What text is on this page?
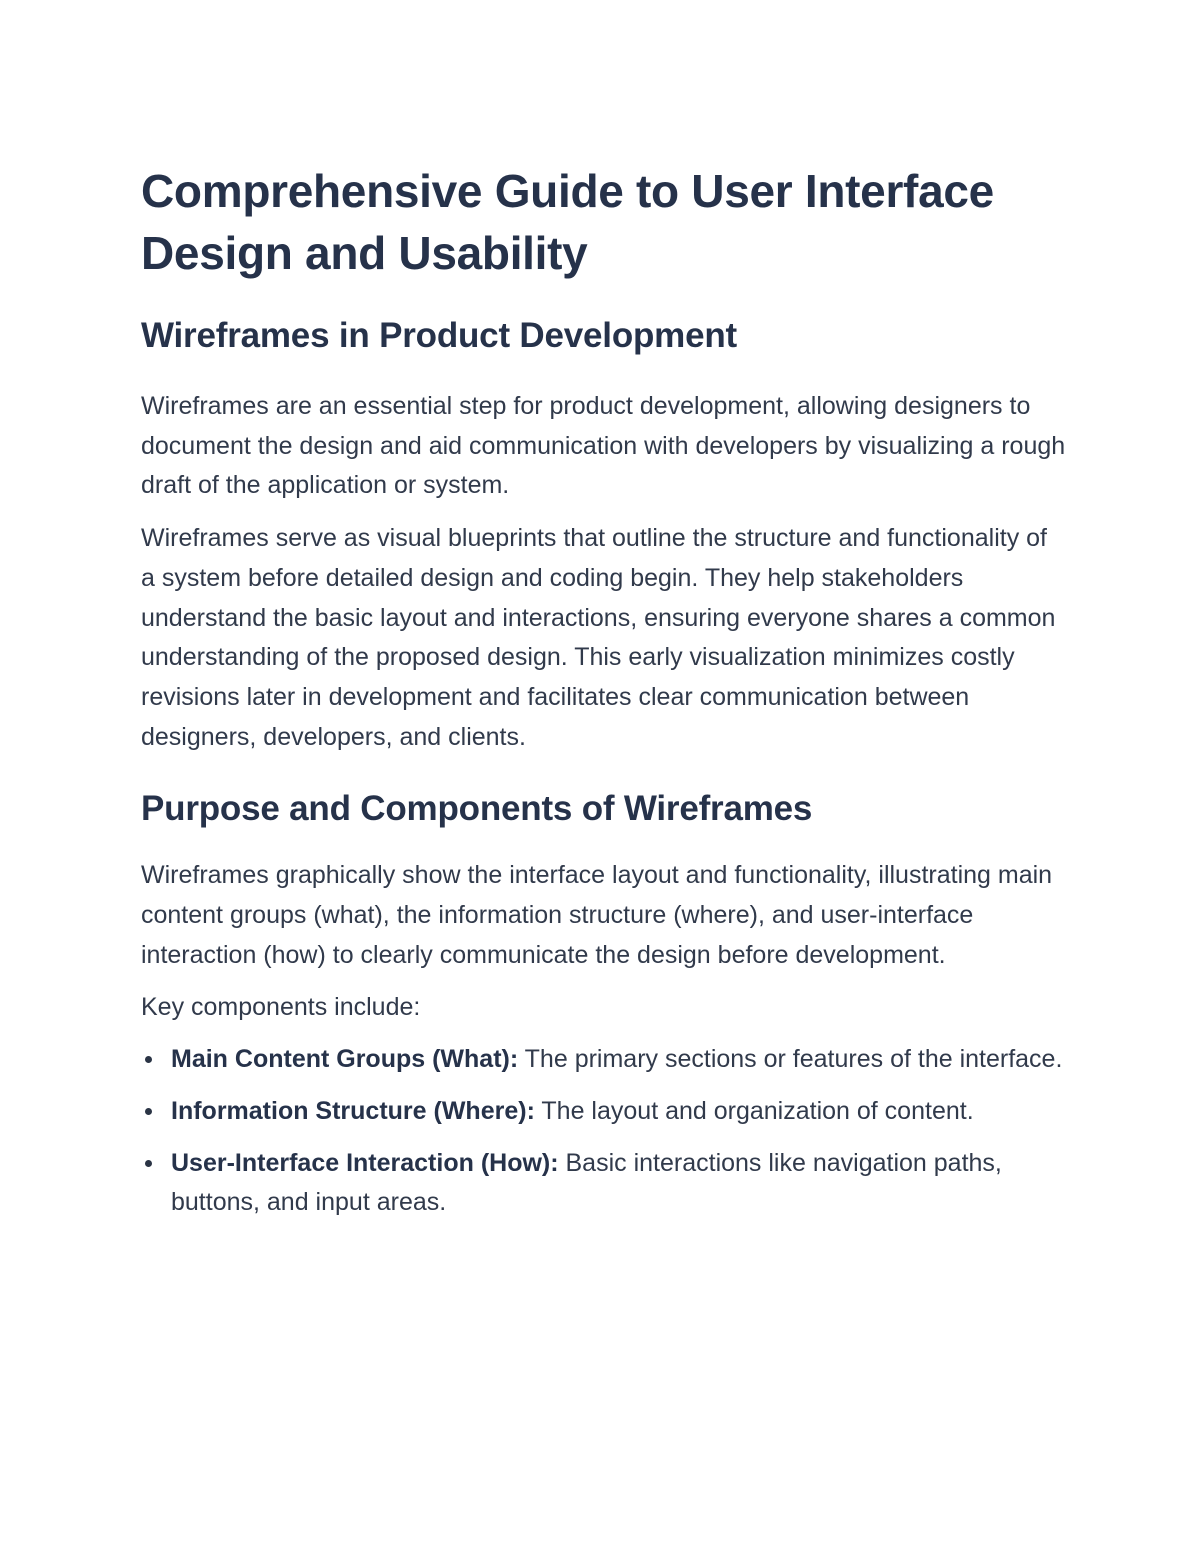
Comprehensive Guide to User Interface Design and Usability
Wireframes in Product Development

Wireframes are an essential step for product development, allowing designers to document the design and aid communication with developers by visualizing a rough draft of the application or system.

Wireframes serve as visual blueprints that outline the structure and functionality of a system before detailed design and coding begin. They help stakeholders understand the basic layout and interactions, ensuring everyone shares a common understanding of the proposed design. This early visualization minimizes costly revisions later in development and facilitates clear communication between designers, developers, and clients.

Purpose and Components of Wireframes

Wireframes graphically show the interface layout and functionality, illustrating main content groups (what), the information structure (where), and user-interface interaction (how) to clearly communicate the design before development.

Key components include:

Main Content Groups (What): The primary sections or features of the interface.
Information Structure (Where): The layout and organization of content.
User-Interface Interaction (How): Basic interactions like navigation paths, buttons, and input areas.
